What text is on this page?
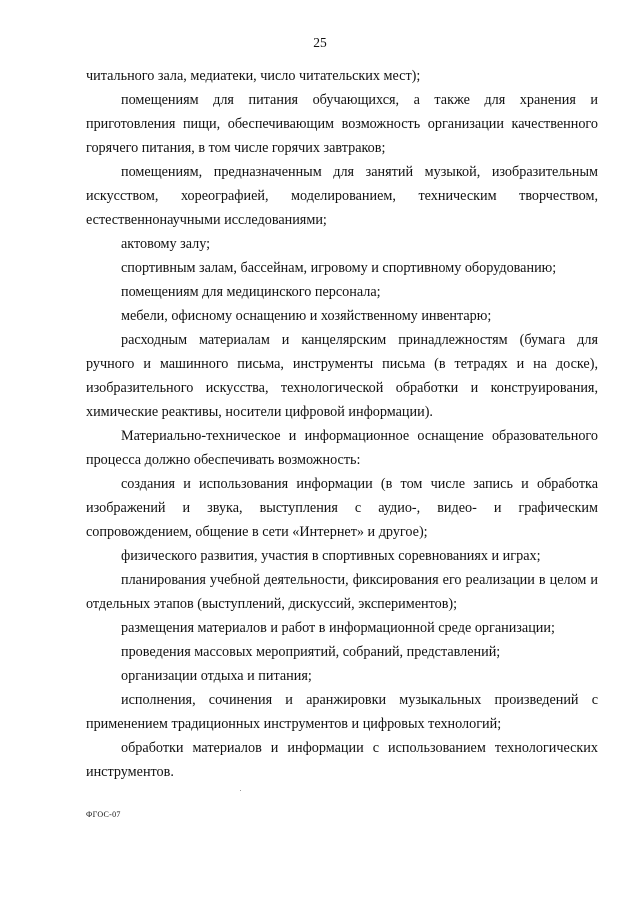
25

читального зала, медиатеки, число читательских мест);

помещениям для питания обучающихся, а также для хранения и приготовления пищи, обеспечивающим возможность организации качественного горячего питания, в том числе горячих завтраков;

помещениям, предназначенным для занятий музыкой, изобразительным искусством, хореографией, моделированием, техническим творчеством, естественнонаучными исследованиями;

актовому залу;

спортивным залам, бассейнам, игровому и спортивному оборудованию;

помещениям для медицинского персонала;

мебели, офисному оснащению и хозяйственному инвентарю;

расходным материалам и канцелярским принадлежностям (бумага для ручного и машинного письма, инструменты письма (в тетрадях и на доске), изобразительного искусства, технологической обработки и конструирования, химические реактивы, носители цифровой информации).

Материально-техническое и информационное оснащение образовательного процесса должно обеспечивать возможность:

создания и использования информации (в том числе запись и обработка изображений и звука, выступления с аудио-, видео- и графическим сопровождением, общение в сети «Интернет» и другое);

физического развития, участия в спортивных соревнованиях и играх;

планирования учебной деятельности, фиксирования его реализации в целом и отдельных этапов (выступлений, дискуссий, экспериментов);

размещения материалов и работ в информационной среде организации;

проведения массовых мероприятий, собраний, представлений;

организации отдыха и питания;

исполнения, сочинения и аранжировки музыкальных произведений с применением традиционных инструментов и цифровых технологий;

обработки материалов и информации с использованием технологических инструментов.

ФГОС-07
